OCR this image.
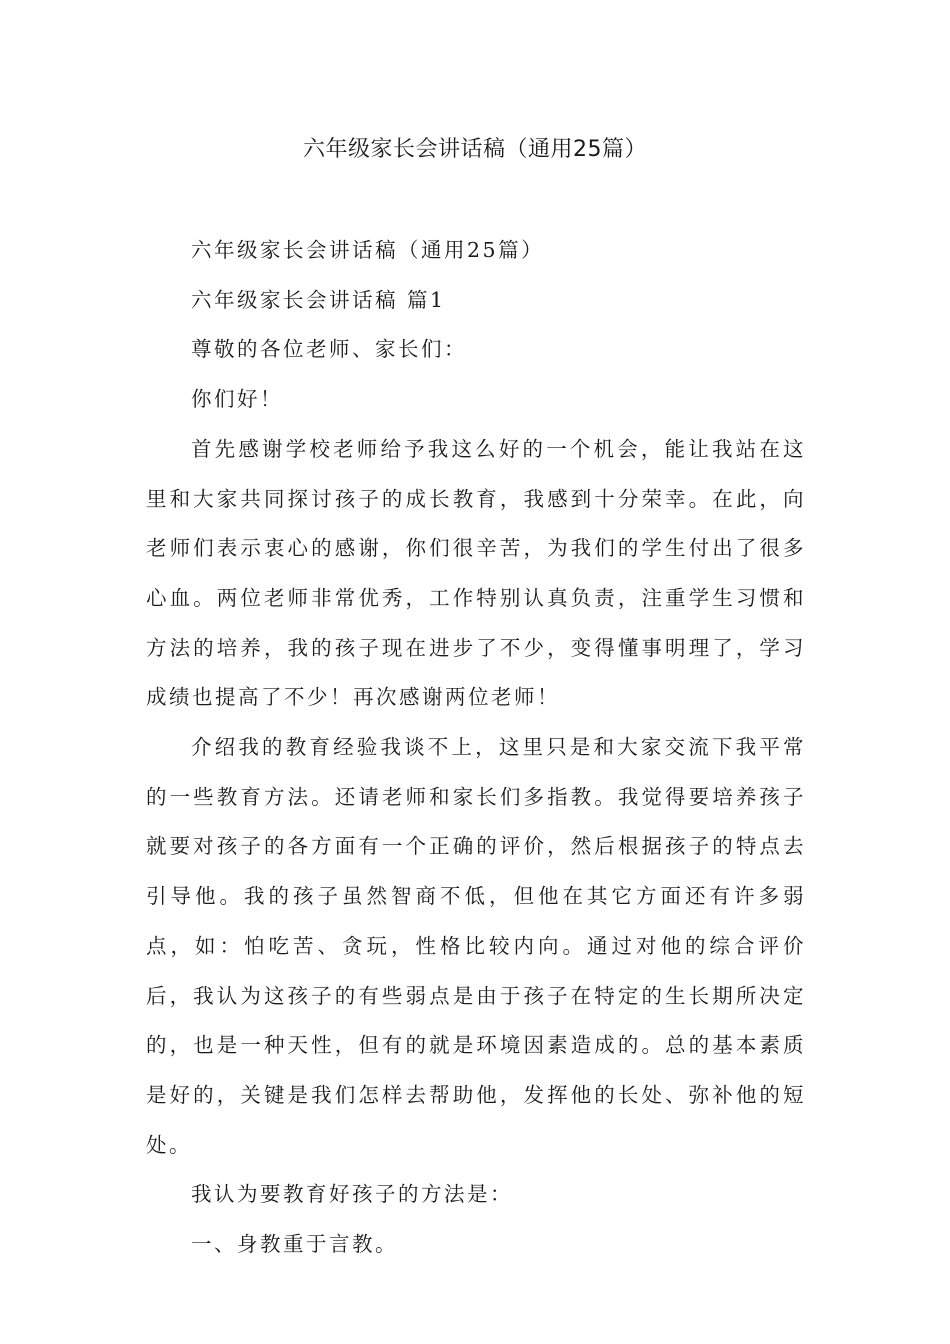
六年级家长会讲话稿（通用25篇）

六年级家长会讲话稿（通用25篇）

六年级家长会讲话稿 篇1

尊敬的各位老师、家长们：

你们好！

首先感谢学校老师给予我这么好的一个机会，能让我站在这里和大家共同探讨孩子的成长教育，我感到十分荣幸。在此，向老师们表示衷心的感谢，你们很辛苦，为我们的学生付出了很多心血。两位老师非常优秀，工作特别认真负责，注重学生习惯和方法的培养，我的孩子现在进步了不少，变得懂事明理了，学习成绩也提高了不少！再次感谢两位老师！

介绍我的教育经验我谈不上，这里只是和大家交流下我平常的一些教育方法。还请老师和家长们多指教。我觉得要培养孩子就要对孩子的各方面有一个正确的评价，然后根据孩子的特点去引导他。我的孩子虽然智商不低，但他在其它方面还有许多弱点，如：怕吃苦、贪玩，性格比较内向。通过对他的综合评价后，我认为这孩子的有些弱点是由于孩子在特定的生长期所决定的，也是一种天性，但有的就是环境因素造成的。总的基本素质是好的，关键是我们怎样去帮助他，发挥他的长处、弥补他的短处。

我认为要教育好孩子的方法是：

一、身教重于言教。
